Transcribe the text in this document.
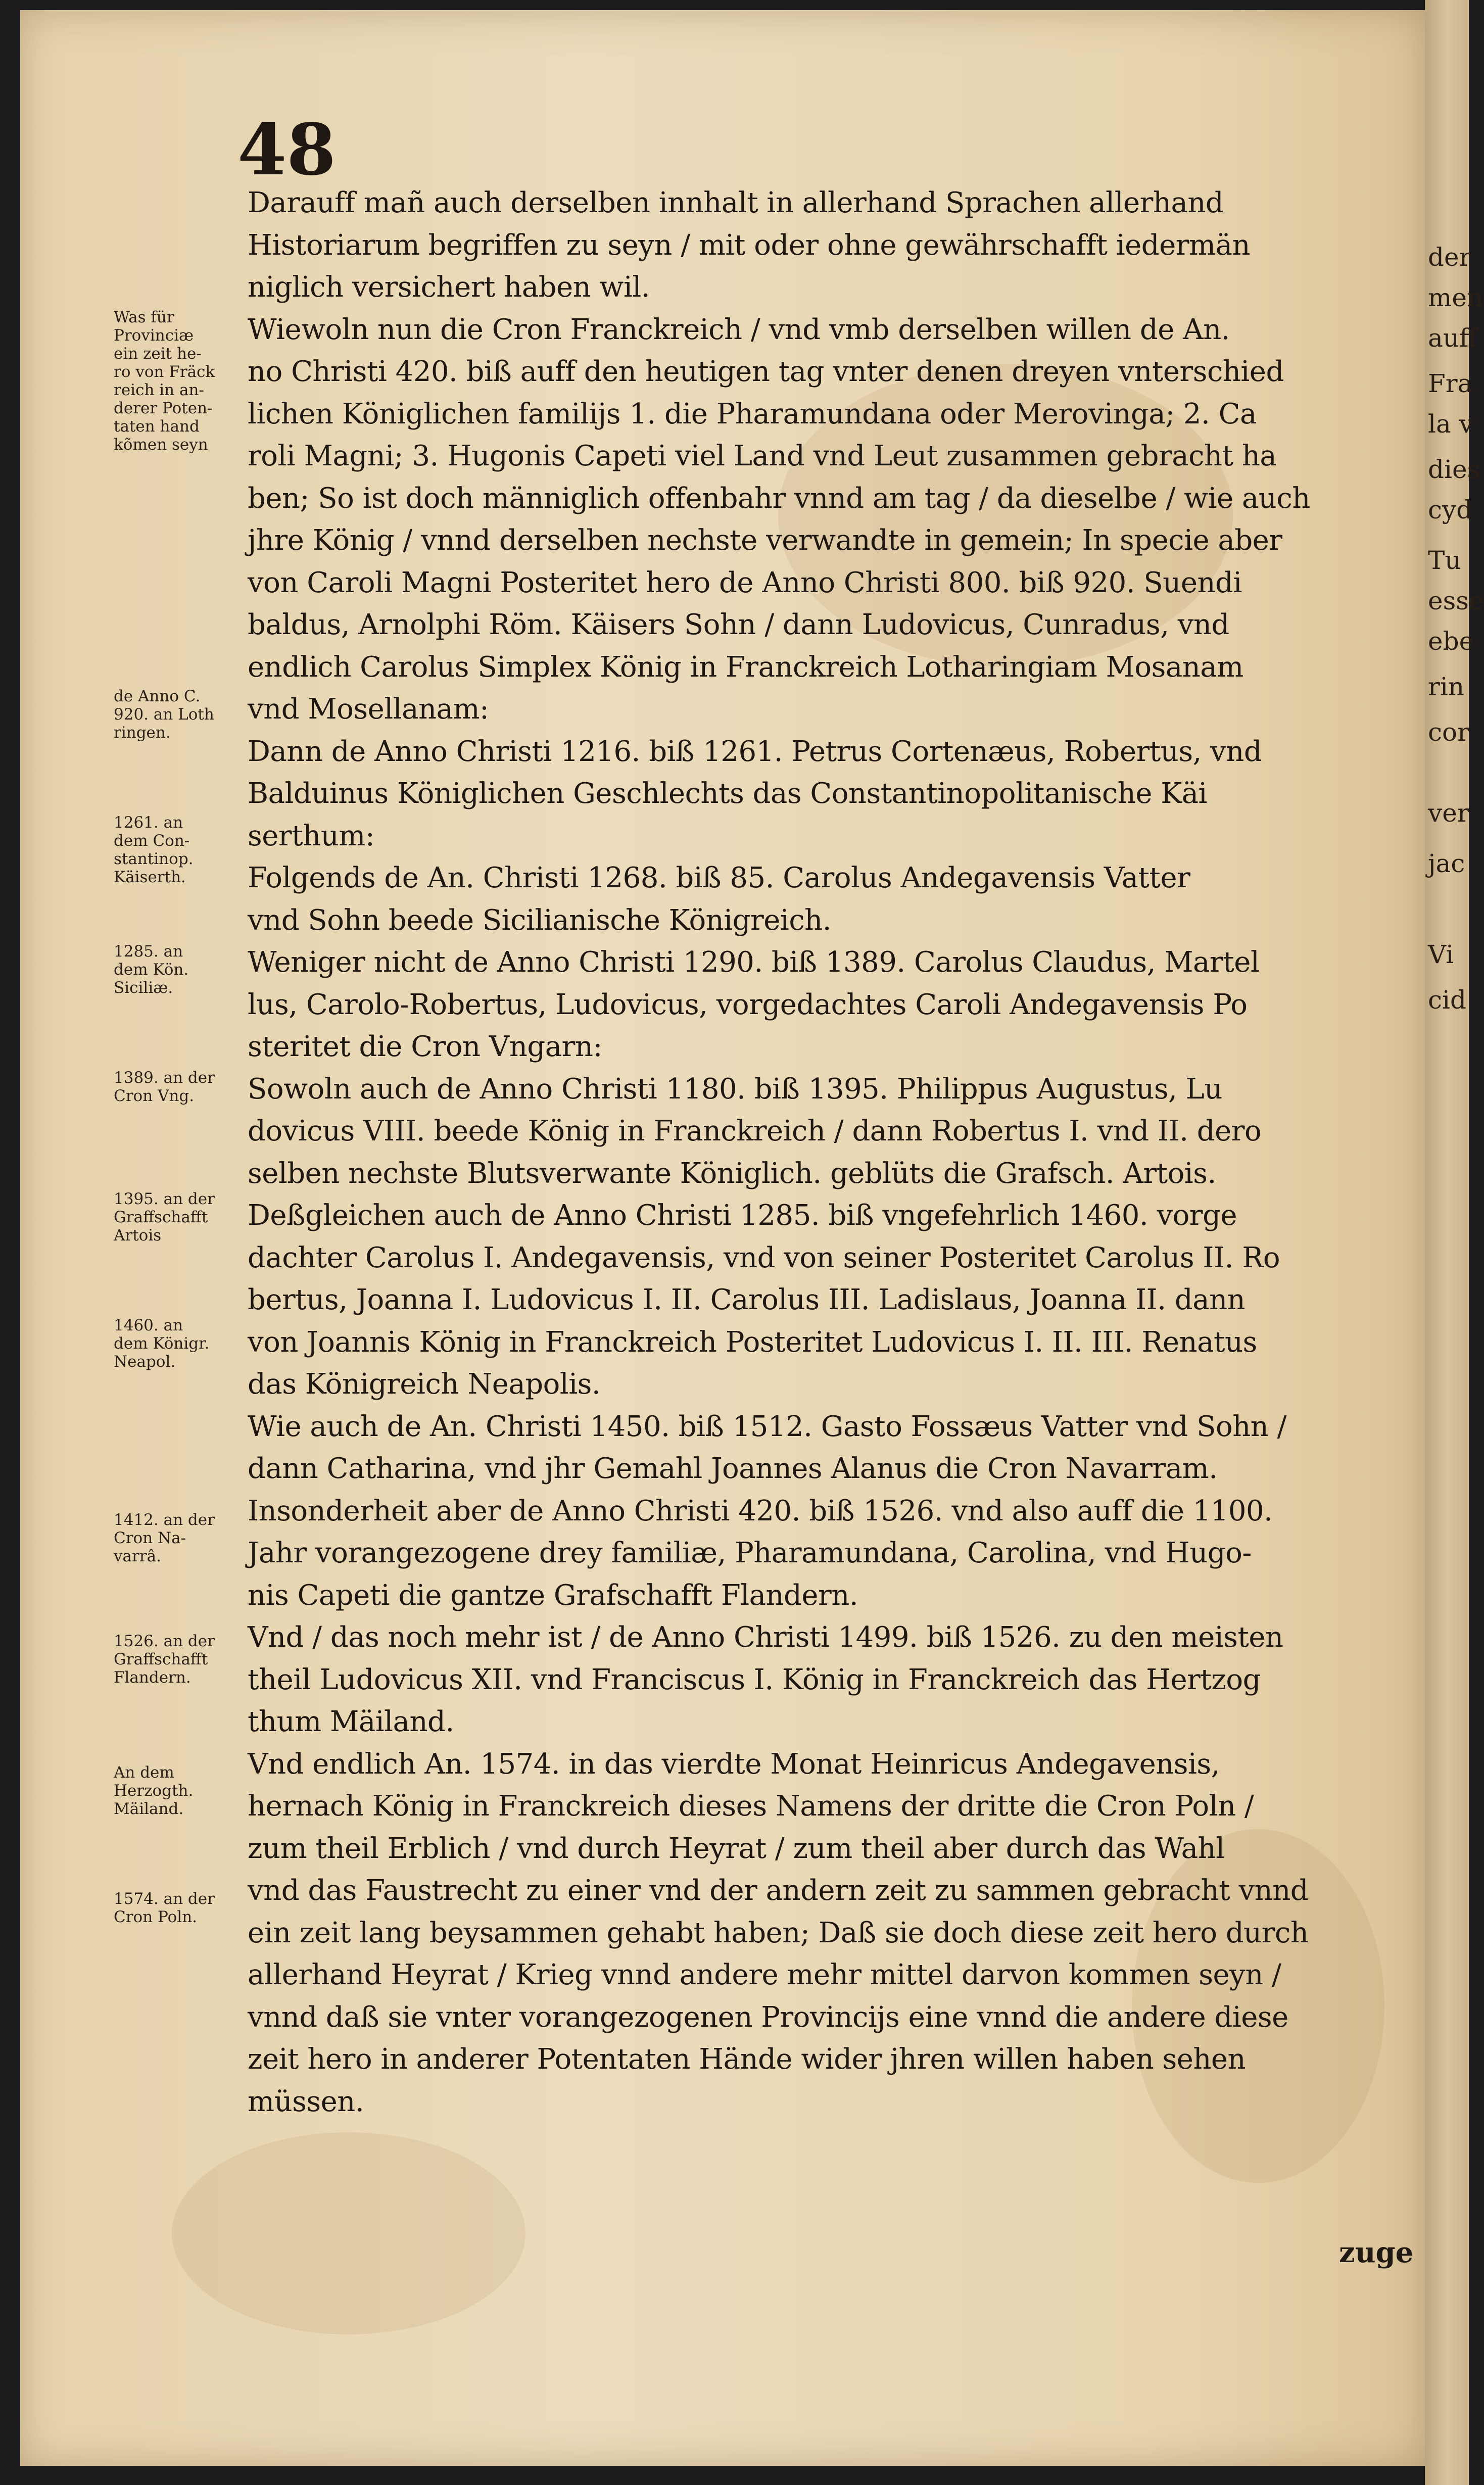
der
men
auff
Fra
la v
dies
cyd
Tu
esse
ebe
rin
cor
ver
jac
Vi
cid
48
Was für
Provinciæ
ein zeit he-
ro von Fräck
reich in an-
derer Poten-
taten hand
kõmen seyn
de Anno C.
920. an Loth
ringen.
1261. an
dem Con-
stantinop.
Käiserth.
1285. an
dem Kön.
Siciliæ.
1389. an der
Cron Vng.
1395. an der
Graffschafft
Artois
1460. an
dem Königr.
Neapol.
1412. an der
Cron Na-
varrâ.
1526. an der
Graffschafft
Flandern.
An dem
Herzogth.
Mäiland.
1574. an der
Cron Poln.
Darauff mañ auch derselben innhalt in allerhand Sprachen allerhand
Historiarum begriffen zu seyn / mit oder ohne gewährschafft iedermän
niglich versichert haben wil.
Wiewoln nun die Cron Franckreich / vnd vmb derselben willen de An.
no Christi 420. biß auff den heutigen tag vnter denen dreyen vnterschied
lichen Königlichen familijs 1. die Pharamundana oder Merovinga; 2. Ca
roli Magni; 3. Hugonis Capeti viel Land vnd Leut zusammen gebracht ha
ben; So ist doch männiglich offenbahr vnnd am tag / da dieselbe / wie auch
jhre König / vnnd derselben nechste verwandte in gemein; In specie aber
von Caroli Magni Posteritet hero de Anno Christi 800. biß 920. Suendi
baldus, Arnolphi Röm. Käisers Sohn / dann Ludovicus, Cunradus, vnd
endlich Carolus Simplex König in Franckreich Lotharingiam Mosanam
vnd Mosellanam:
Dann de Anno Christi 1216. biß 1261. Petrus Cortenæus, Robertus, vnd
Balduinus Königlichen Geschlechts das Constantinopolitanische Käi
serthum:
Folgends de An. Christi 1268. biß 85. Carolus Andegavensis Vatter
vnd Sohn beede Sicilianische Königreich.
Weniger nicht de Anno Christi 1290. biß 1389. Carolus Claudus, Martel
lus, Carolo-Robertus, Ludovicus, vorgedachtes Caroli Andegavensis Po
steritet die Cron Vngarn:
Sowoln auch de Anno Christi 1180. biß 1395. Philippus Augustus, Lu
dovicus VIII. beede König in Franckreich / dann Robertus I. vnd II. dero
selben nechste Blutsverwante Königlich. geblüts die Grafsch. Artois.
Deßgleichen auch de Anno Christi 1285. biß vngefehrlich 1460. vorge
dachter Carolus I. Andegavensis, vnd von seiner Posteritet Carolus II. Ro
bertus, Joanna I. Ludovicus I. II. Carolus III. Ladislaus, Joanna II. dann
von Joannis König in Franckreich Posteritet Ludovicus I. II. III. Renatus
das Königreich Neapolis.
Wie auch de An. Christi 1450. biß 1512. Gasto Fossæus Vatter vnd Sohn /
dann Catharina, vnd jhr Gemahl Joannes Alanus die Cron Navarram.
Insonderheit aber de Anno Christi 420. biß 1526. vnd also auff die 1100.
Jahr vorangezogene drey familiæ, Pharamundana, Carolina, vnd Hugo-
nis Capeti die gantze Grafschafft Flandern.
Vnd / das noch mehr ist / de Anno Christi 1499. biß 1526. zu den meisten
theil Ludovicus XII. vnd Franciscus I. König in Franckreich das Hertzog
thum Mäiland.
Vnd endlich An. 1574. in das vierdte Monat Heinricus Andegavensis,
hernach König in Franckreich dieses Namens der dritte die Cron Poln /
zum theil Erblich / vnd durch Heyrat / zum theil aber durch das Wahl
vnd das Faustrecht zu einer vnd der andern zeit zu sammen gebracht vnnd
ein zeit lang beysammen gehabt haben; Daß sie doch diese zeit hero durch
allerhand Heyrat / Krieg vnnd andere mehr mittel darvon kommen seyn /
vnnd daß sie vnter vorangezogenen Provincijs eine vnnd die andere diese
zeit hero in anderer Potentaten Hände wider jhren willen haben sehen
müssen.
zuge
